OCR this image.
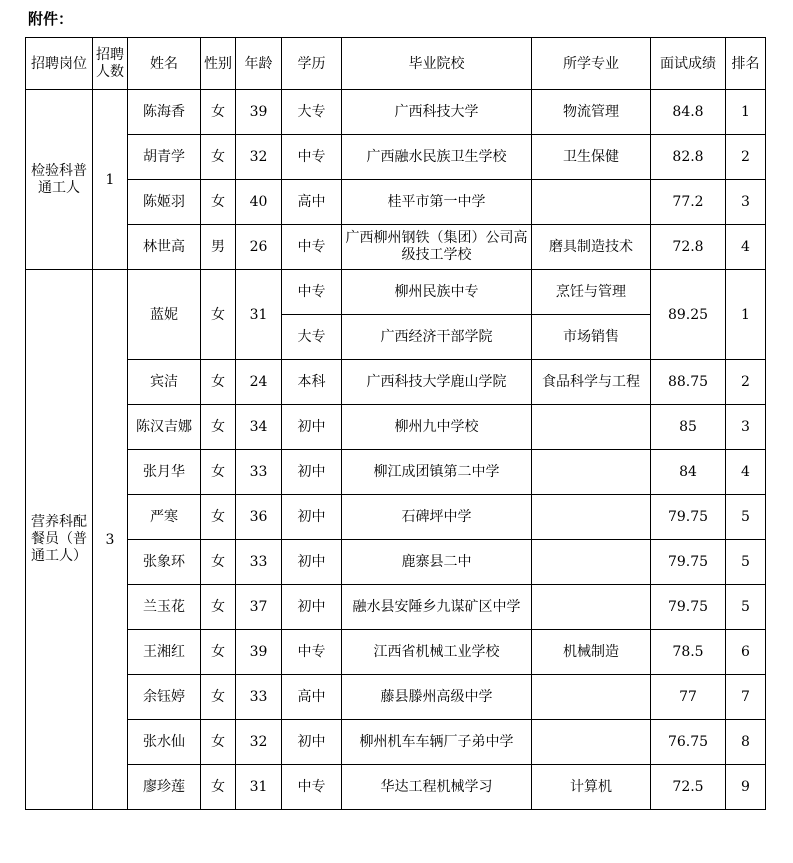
附件：
招聘岗位	招聘人数	姓名	性别	年龄	学历	毕业院校	所学专业	面试成绩	排名
检验科普通工人	1	陈海香	女	39	大专	广西科技大学	物流管理	84.8	1
		胡青学	女	32	中专	广西融水民族卫生学校	卫生保健	82.8	2
		陈姬羽	女	40	高中	桂平市第一中学		77.2	3
		林世高	男	26	中专	广西柳州钢铁（集团）公司高级技工学校	磨具制造技术	72.8	4
营养科配餐员（普通工人）	3	蓝妮	女	31	中专	柳州民族中专	烹饪与管理	89.25	1
					大专	广西经济干部学院	市场销售		
		宾洁	女	24	本科	广西科技大学鹿山学院	食品科学与工程	88.75	2
		陈汉吉娜	女	34	初中	柳州九中学校		85	3
		张月华	女	33	初中	柳江成团镇第二中学		84	4
		严寒	女	36	初中	石碑坪中学		79.75	5
		张象环	女	33	初中	鹿寨县二中		79.75	5
		兰玉花	女	37	初中	融水县安陲乡九谋矿区中学		79.75	5
		王湘红	女	39	中专	江西省机械工业学校	机械制造	78.5	6
		余钰婷	女	33	高中	藤县滕州高级中学		77	7
		张水仙	女	32	初中	柳州机车车辆厂子弟中学		76.75	8
		廖珍莲	女	31	中专	华达工程机械学习	计算机	72.5	9
